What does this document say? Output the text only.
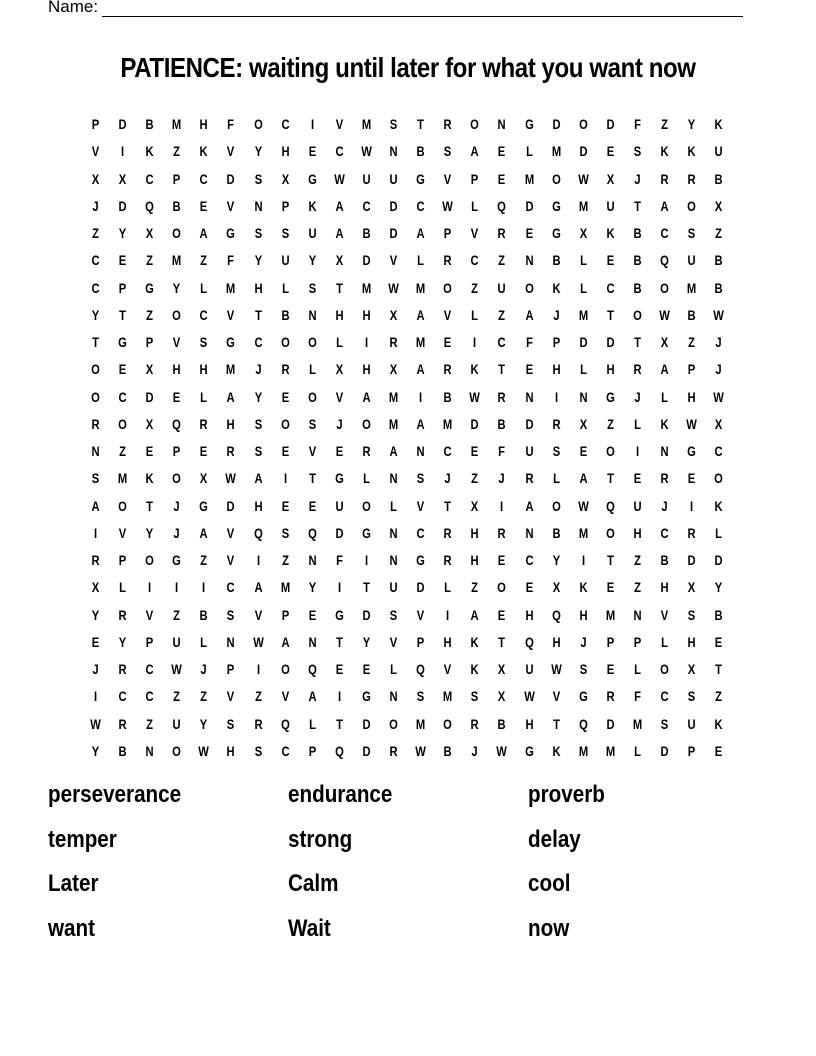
Name:
PATIENCE: waiting until later for what you want now
P	D	B	M	H	F	O	C	I	V	M	S	T	R	O	N	G	D	O	D	F	Z	Y	K
V	I	K	Z	K	V	Y	H	E	C	W	N	B	S	A	E	L	M	D	E	S	K	K	U
X	X	C	P	C	D	S	X	G	W	U	U	G	V	P	E	M	O	W	X	J	R	R	B
J	D	Q	B	E	V	N	P	K	A	C	D	C	W	L	Q	D	G	M	U	T	A	O	X
Z	Y	X	O	A	G	S	S	U	A	B	D	A	P	V	R	E	G	X	K	B	C	S	Z
C	E	Z	M	Z	F	Y	U	Y	X	D	V	L	R	C	Z	N	B	L	E	B	Q	U	B
C	P	G	Y	L	M	H	L	S	T	M	W	M	O	Z	U	O	K	L	C	B	O	M	B
Y	T	Z	O	C	V	T	B	N	H	H	X	A	V	L	Z	A	J	M	T	O	W	B	W
T	G	P	V	S	G	C	O	O	L	I	R	M	E	I	C	F	P	D	D	T	X	Z	J
O	E	X	H	H	M	J	R	L	X	H	X	A	R	K	T	E	H	L	H	R	A	P	J
O	C	D	E	L	A	Y	E	O	V	A	M	I	B	W	R	N	I	N	G	J	L	H	W
R	O	X	Q	R	H	S	O	S	J	O	M	A	M	D	B	D	R	X	Z	L	K	W	X
N	Z	E	P	E	R	S	E	V	E	R	A	N	C	E	F	U	S	E	O	I	N	G	C
S	M	K	O	X	W	A	I	T	G	L	N	S	J	Z	J	R	L	A	T	E	R	E	O
A	O	T	J	G	D	H	E	E	U	O	L	V	T	X	I	A	O	W	Q	U	J	I	K
I	V	Y	J	A	V	Q	S	Q	D	G	N	C	R	H	R	N	B	M	O	H	C	R	L
R	P	O	G	Z	V	I	Z	N	F	I	N	G	R	H	E	C	Y	I	T	Z	B	D	D
X	L	I	I	I	C	A	M	Y	I	T	U	D	L	Z	O	E	X	K	E	Z	H	X	Y
Y	R	V	Z	B	S	V	P	E	G	D	S	V	I	A	E	H	Q	H	M	N	V	S	B
E	Y	P	U	L	N	W	A	N	T	Y	V	P	H	K	T	Q	H	J	P	P	L	H	E
J	R	C	W	J	P	I	O	Q	E	E	L	Q	V	K	X	U	W	S	E	L	O	X	T
I	C	C	Z	Z	V	Z	V	A	I	G	N	S	M	S	X	W	V	G	R	F	C	S	Z
W	R	Z	U	Y	S	R	Q	L	T	D	O	M	O	R	B	H	T	Q	D	M	S	U	K
Y	B	N	O	W	H	S	C	P	Q	D	R	W	B	J	W	G	K	M	M	L	D	P	E
perseverance	endurance	proverb
temper	strong	delay
Later	Calm	cool
want	Wait	now
